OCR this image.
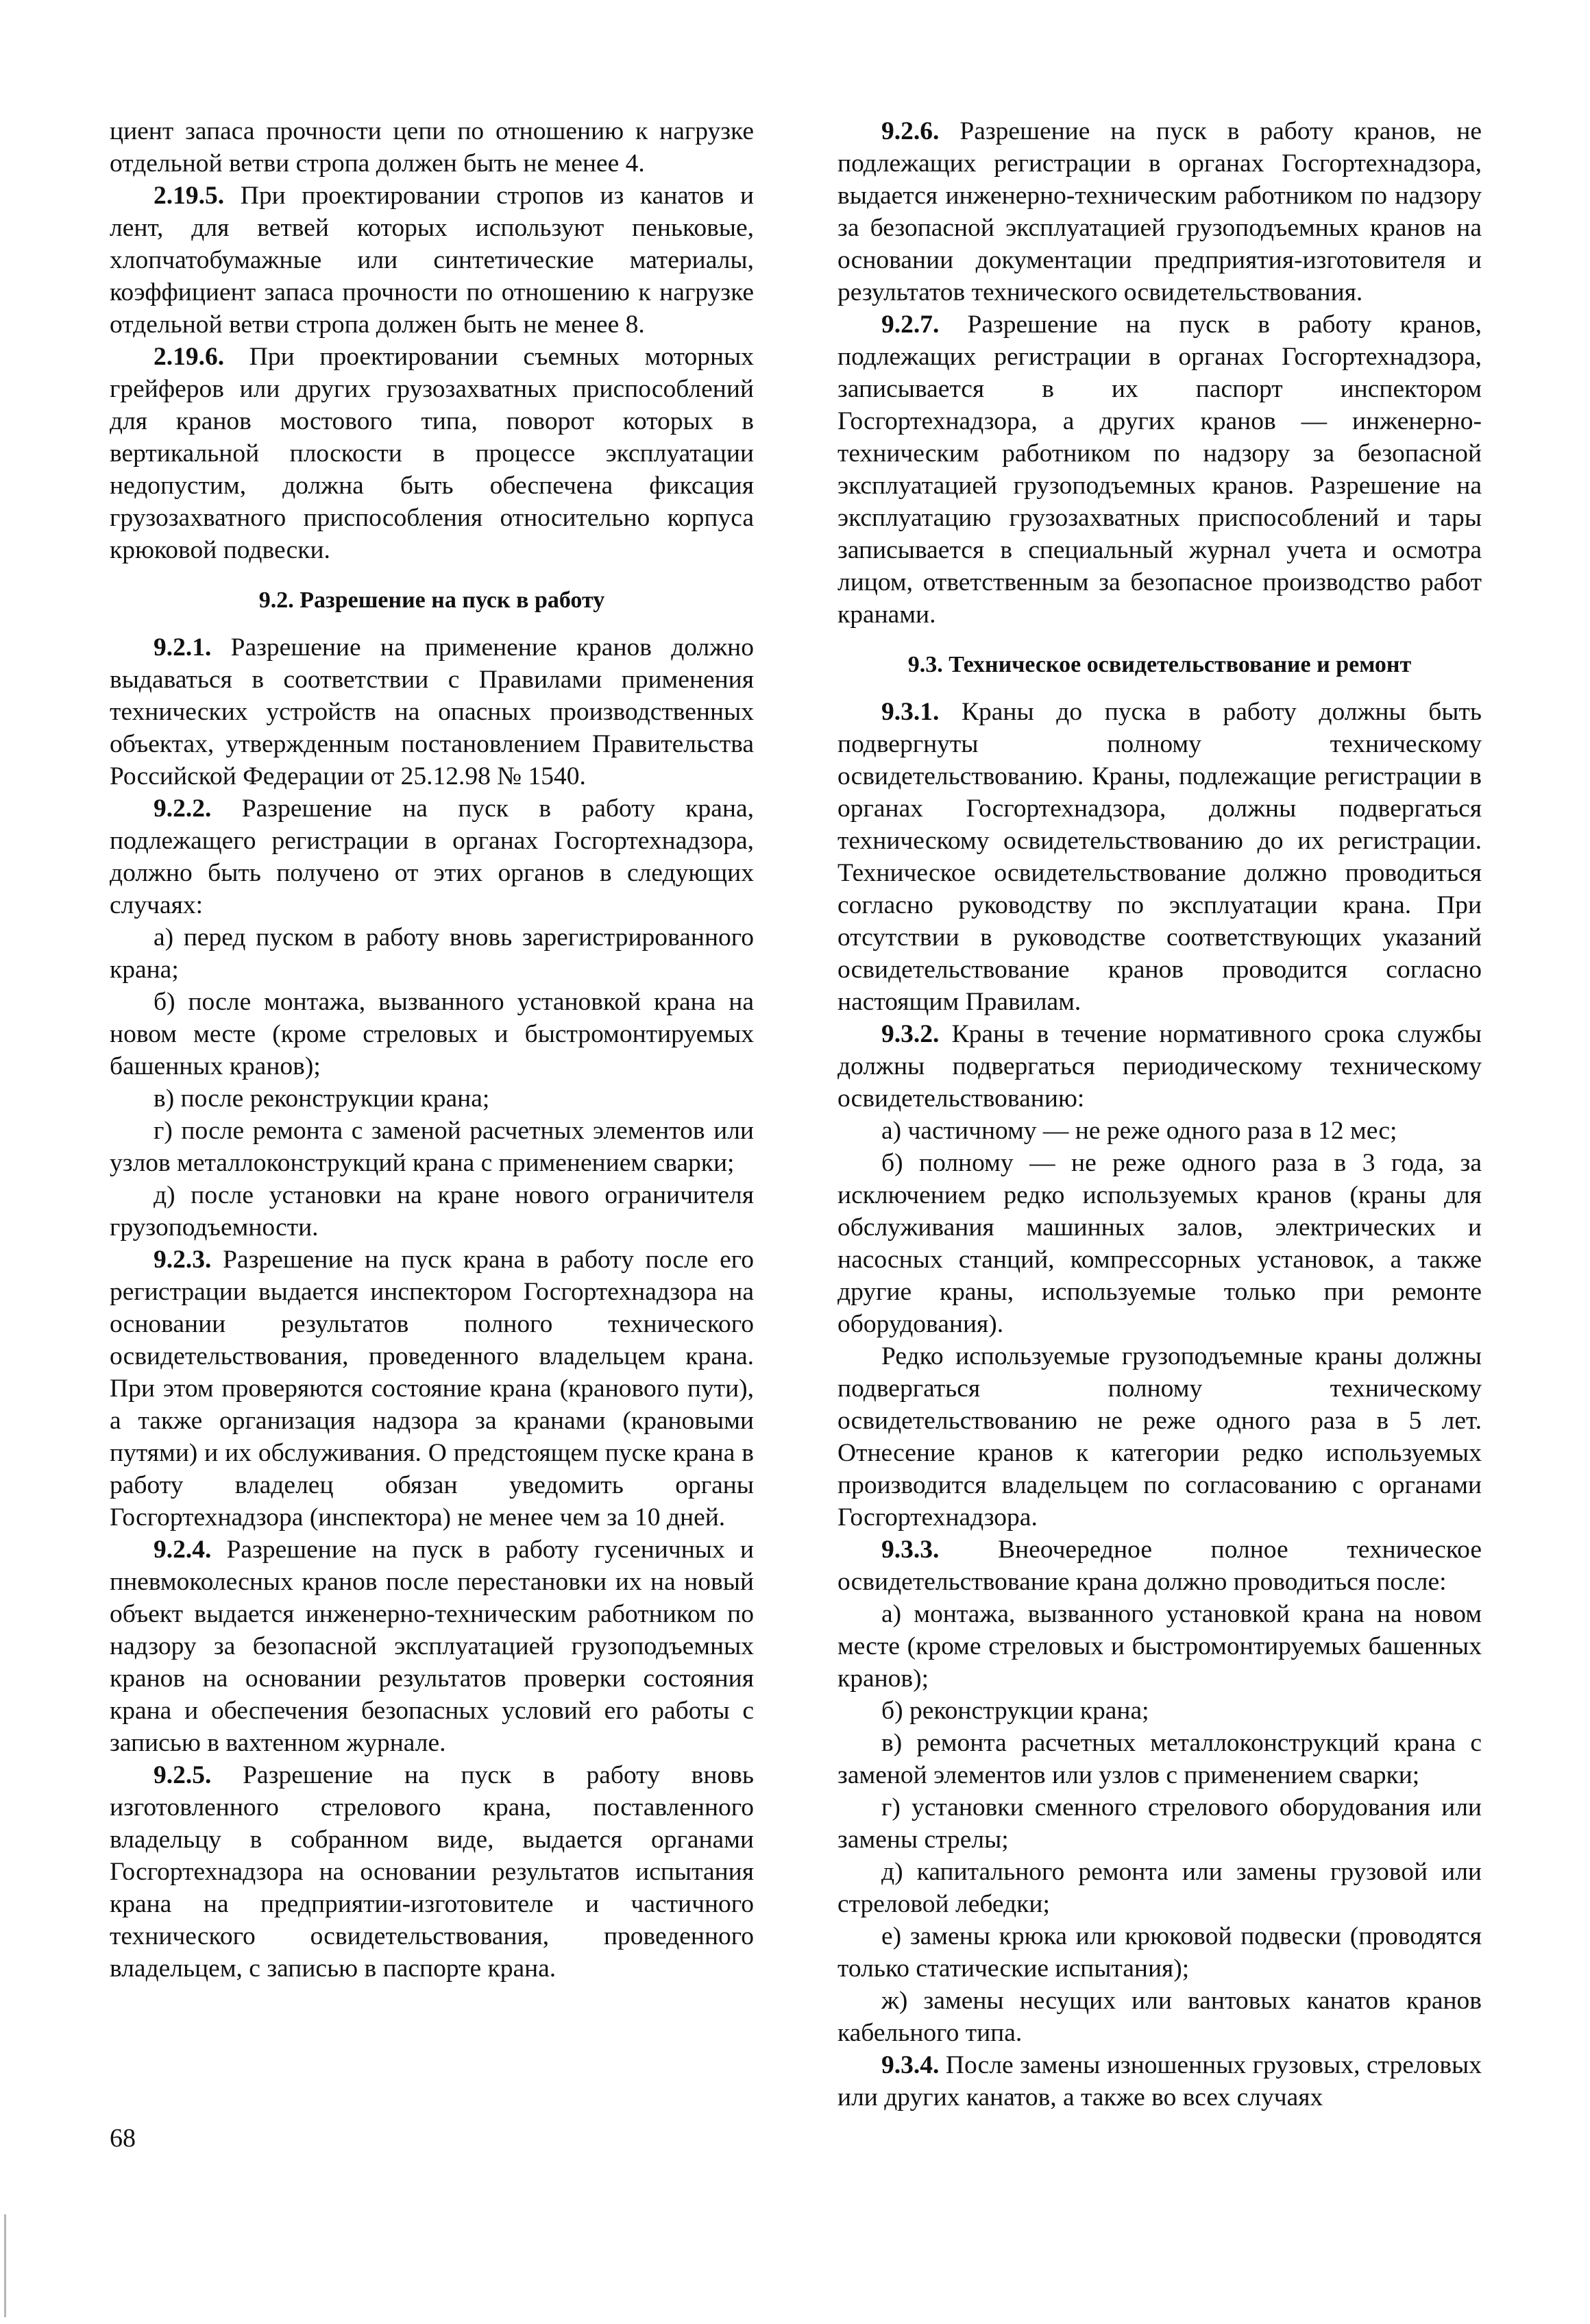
циент запаса прочности цепи по отношению к нагрузке отдельной ветви стропа должен быть не менее 4.

2.19.5. При проектировании стропов из канатов и лент, для ветвей которых используют пеньковые, хлопчатобумажные или синтетические материалы, коэффициент запаса прочности по отношению к нагрузке отдельной ветви стропа должен быть не менее 8.

2.19.6. При проектировании съемных моторных грейферов или других грузозахватных приспособлений для кранов мостового типа, поворот которых в вертикальной плоскости в процессе эксплуатации недопустим, должна быть обеспечена фиксация грузозахватного приспособления относительно корпуса крюковой подвески.

9.2. Разрешение на пуск в работу

9.2.1. Разрешение на применение кранов должно выдаваться в соответствии с Правилами применения технических устройств на опасных производственных объектах, утвержденным постановлением Правительства Российской Федерации от 25.12.98 № 1540.

9.2.2. Разрешение на пуск в работу крана, подлежащего регистрации в органах Госгортехнадзора, должно быть получено от этих органов в следующих случаях:

а) перед пуском в работу вновь зарегистрированного крана;

б) после монтажа, вызванного установкой крана на новом месте (кроме стреловых и быстромонтируемых башенных кранов);

в) после реконструкции крана;

г) после ремонта с заменой расчетных элементов или узлов металлоконструкций крана с применением сварки;

д) после установки на кране нового ограничителя грузоподъемности.

9.2.3. Разрешение на пуск крана в работу после его регистрации выдается инспектором Госгортехнадзора на основании результатов полного технического освидетельствования, проведенного владельцем крана. При этом проверяются состояние крана (кранового пути), а также организация надзора за кранами (крановыми путями) и их обслуживания. О предстоящем пуске крана в работу владелец обязан уведомить органы Госгортехнадзора (инспектора) не менее чем за 10 дней.

9.2.4. Разрешение на пуск в работу гусеничных и пневмоколесных кранов после перестановки их на новый объект выдается инженерно-техническим работником по надзору за безопасной эксплуатацией грузоподъемных кранов на основании результатов проверки состояния крана и обеспечения безопасных условий его работы с записью в вахтенном журнале.

9.2.5. Разрешение на пуск в работу вновь изготовленного стрелового крана, поставленного владельцу в собранном виде, выдается органами Госгортехнадзора на основании результатов испытания крана на предприятии-изготовителе и частичного технического освидетельствования, проведенного владельцем, с записью в паспорте крана.

9.2.6. Разрешение на пуск в работу кранов, не подлежащих регистрации в органах Госгортехнадзора, выдается инженерно-техническим работником по надзору за безопасной эксплуатацией грузоподъемных кранов на основании документации предприятия-изготовителя и результатов технического освидетельствования.

9.2.7. Разрешение на пуск в работу кранов, подлежащих регистрации в органах Госгортехнадзора, записывается в их паспорт инспектором Госгортехнадзора, а других кранов — инженерно-техническим работником по надзору за безопасной эксплуатацией грузоподъемных кранов. Разрешение на эксплуатацию грузозахватных приспособлений и тары записывается в специальный журнал учета и осмотра лицом, ответственным за безопасное производство работ кранами.

9.3. Техническое освидетельствование и ремонт

9.3.1. Краны до пуска в работу должны быть подвергнуты полному техническому освидетельствованию. Краны, подлежащие регистрации в органах Госгортехнадзора, должны подвергаться техническому освидетельствованию до их регистрации. Техническое освидетельствование должно проводиться согласно руководству по эксплуатации крана. При отсутствии в руководстве соответствующих указаний освидетельствование кранов проводится согласно настоящим Правилам.

9.3.2. Краны в течение нормативного срока службы должны подвергаться периодическому техническому освидетельствованию:

а) частичному — не реже одного раза в 12 мес;

б) полному — не реже одного раза в 3 года, за исключением редко используемых кранов (краны для обслуживания машинных залов, электрических и насосных станций, компрессорных установок, а также другие краны, используемые только при ремонте оборудования).

Редко используемые грузоподъемные краны должны подвергаться полному техническому освидетельствованию не реже одного раза в 5 лет. Отнесение кранов к категории редко используемых производится владельцем по согласованию с органами Госгортехнадзора.

9.3.3. Внеочередное полное техническое освидетельствование крана должно проводиться после:

а) монтажа, вызванного установкой крана на новом месте (кроме стреловых и быстромонтируемых башенных кранов);

б) реконструкции крана;

в) ремонта расчетных металлоконструкций крана с заменой элементов или узлов с применением сварки;

г) установки сменного стрелового оборудования или замены стрелы;

д) капитального ремонта или замены грузовой или стреловой лебедки;

е) замены крюка или крюковой подвески (проводятся только статические испытания);

ж) замены несущих или вантовых канатов кранов кабельного типа.

9.3.4. После замены изношенных грузовых, стреловых или других канатов, а также во всех случаях

68
